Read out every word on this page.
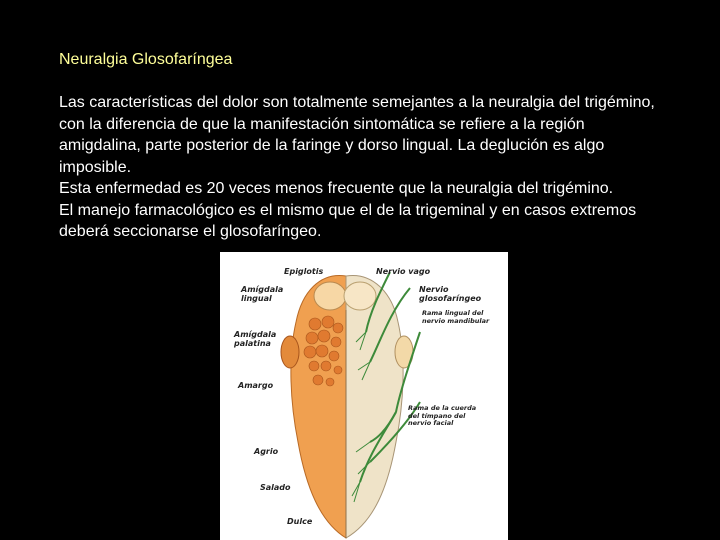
Neuralgia Glosofaríngea
Las características del dolor son totalmente semejantes a la neuralgia del trigémino, con la diferencia de que la manifestación sintomática se refiere a la región amigdalina, parte posterior de la faringe y dorso lingual. La deglución es algo imposible.
Esta enfermedad es 20 veces menos frecuente que la neuralgia del trigémino.
El manejo farmacológico es el mismo que el de la trigeminal y en casos extremos deberá seccionarse el glosofaríngeo.
Epiglotis	Nervio vago
Amígdala
lingual
Nervio
glosofaríngeo
Rama lingual del
nervio mandibular
Amígdala
palatina
Amargo
Rama de la cuerda
del tímpano del
nervio facial
Agrio
Salado
Dulce
